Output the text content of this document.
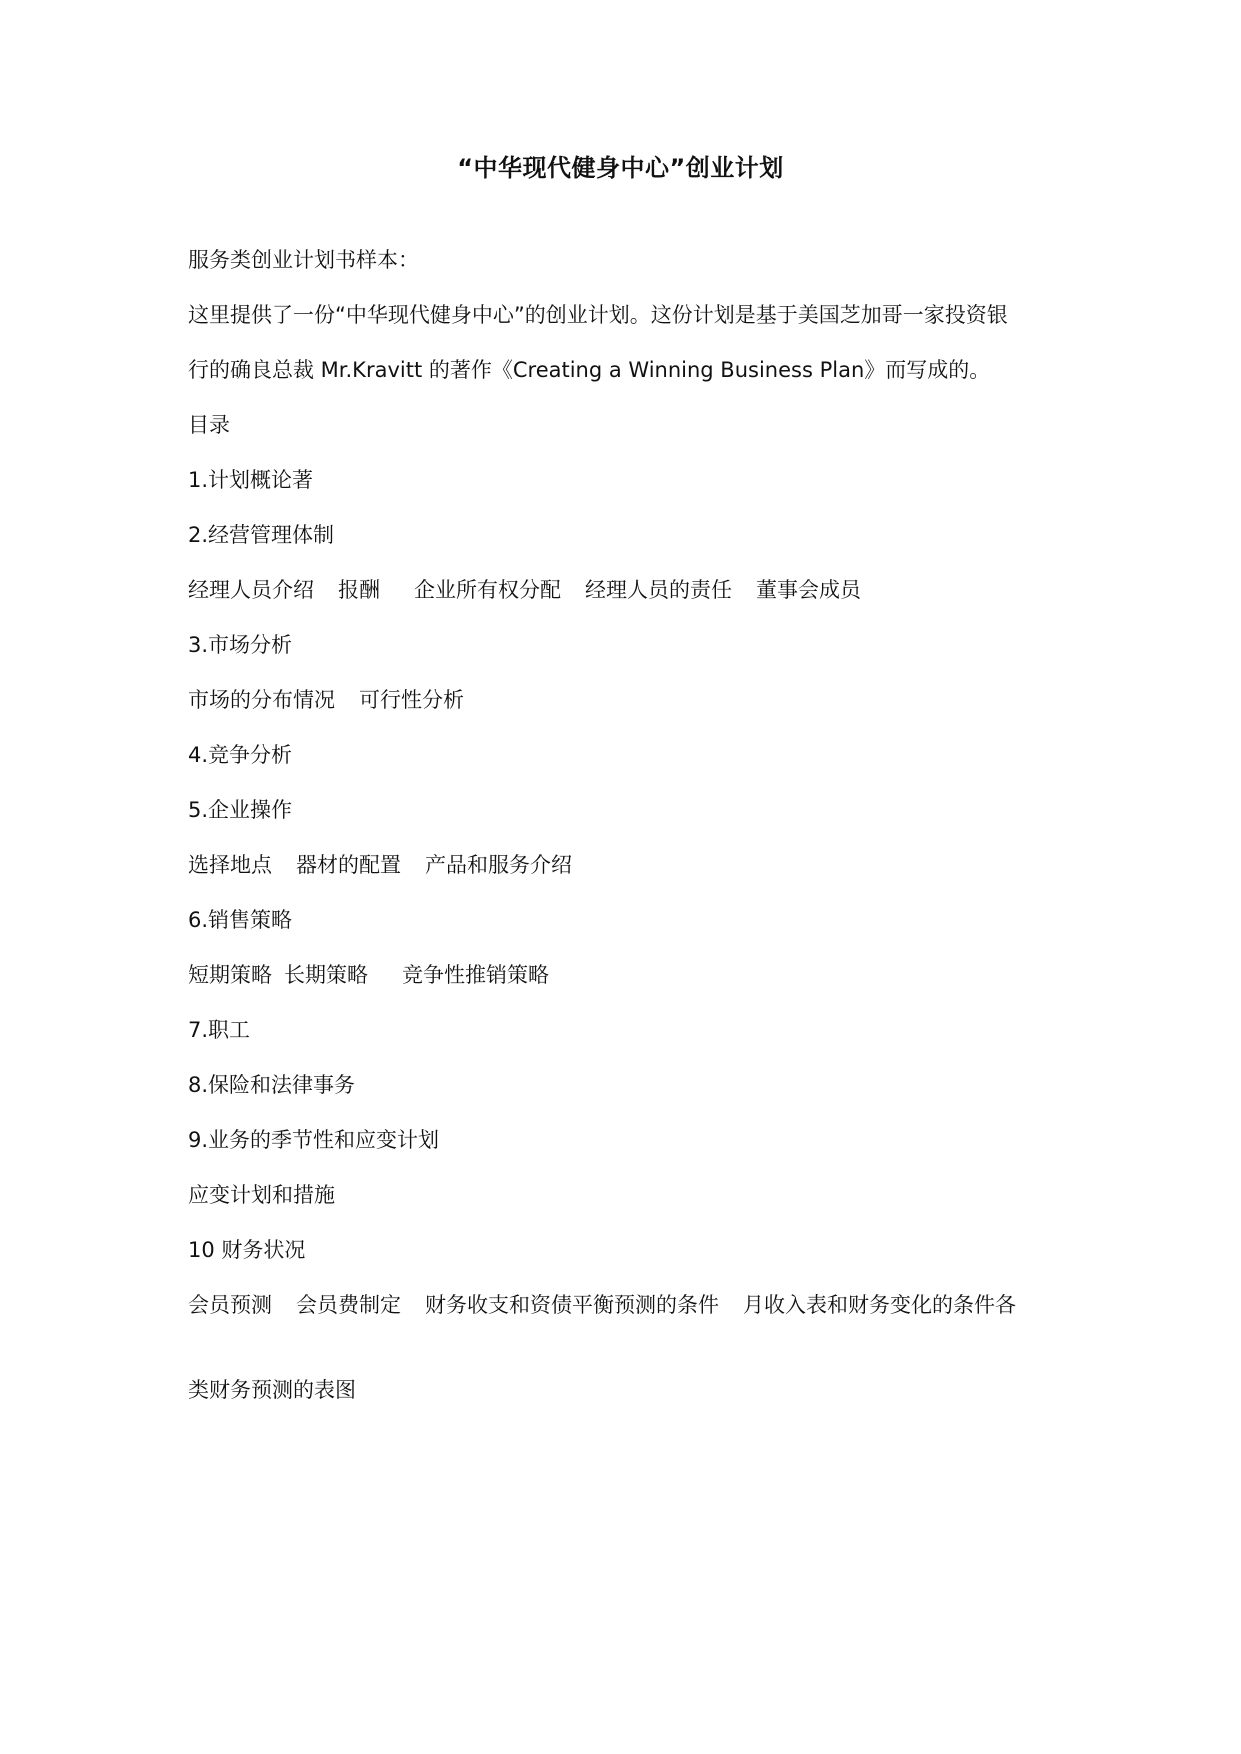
“中华现代健身中心”创业计划
服务类创业计划书样本：
这里提供了一份“中华现代健身中心”的创业计划。这份计划是基于美国芝加哥一家投资银
行的确良总裁 Mr.Kravitt 的著作《Creating a Winning Business Plan》而写成的。
目录
1.计划概论著
2.经营管理体制
经理人员介绍 报酬 企业所有权分配 经理人员的责任 董事会成员
3.市场分析
市场的分布情况 可行性分析
4.竞争分析
5.企业操作
选择地点 器材的配置 产品和服务介绍
6.销售策略
短期策略 长期策略 竞争性推销策略
7.职工
8.保险和法律事务
9.业务的季节性和应变计划
应变计划和措施
10 财务状况
会员预测 会员费制定 财务收支和资债平衡预测的条件 月收入表和财务变化的条件各
类财务预测的表图
